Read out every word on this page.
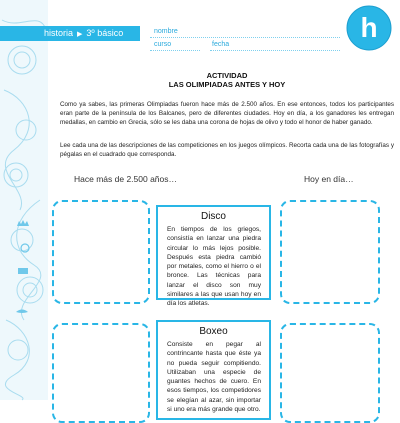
historia ▶ 3º básico	nombre
curso	fecha
h
ACTIVIDAD
LAS OLIMPIADAS ANTES Y HOY

Como ya sabes, las primeras Olimpiadas fueron hace más de 2.500 años. En ese entonces, todos los participantes eran parte de la península de los Balcanes, pero de diferentes ciudades. Hoy en día, a los ganadores les entregan medallas, en cambio en Grecia, sólo se les daba una corona de hojas de olivo y todo el honor de haber ganado.

Lee cada una de las descripciones de las competiciones en los juegos olímpicos. Recorta cada una de las fotografías y pégalas en el cuadrado que corresponda.

Hace más de 2.500 años…	Hoy en día…
Disco
En tiempos de los griegos, consistía en lanzar una piedra circular lo más lejos posible. Después esta piedra cambió por metales, como el hierro o el bronce. Las técnicas para lanzar el disco son muy similares a las que usan hoy en día los atletas.
Boxeo
Consiste en pegar al contrincante hasta que éste ya no pueda seguir compitiendo. Utilizaban una especie de guantes hechos de cuero. En esos tiempos, los competidores se elegían al azar, sin importar si uno era más grande que otro.
